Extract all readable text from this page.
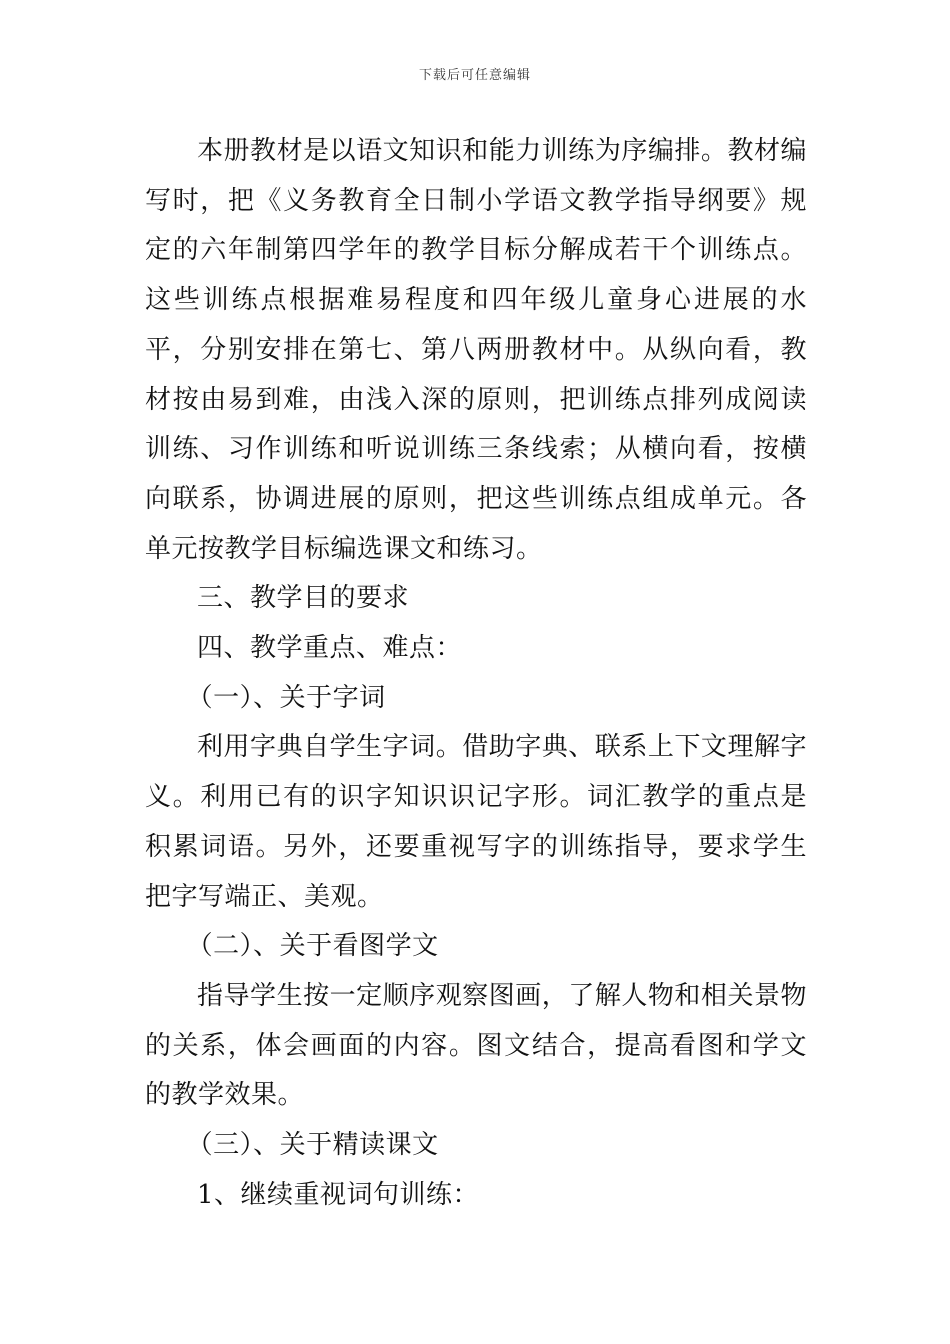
下载后可任意编辑

本册教材是以语文知识和能力训练为序编排。教材编写时，把《义务教育全日制小学语文教学指导纲要》规定的六年制第四学年的教学目标分解成若干个训练点。这些训练点根据难易程度和四年级儿童身心进展的水平，分别安排在第七、第八两册教材中。从纵向看，教材按由易到难，由浅入深的原则，把训练点排列成阅读训练、习作训练和听说训练三条线索；从横向看，按横向联系，协调进展的原则，把这些训练点组成单元。各单元按教学目标编选课文和练习。

三、教学目的要求

四、教学重点、难点：

（一）、关于字词

利用字典自学生字词。借助字典、联系上下文理解字义。利用已有的识字知识识记字形。词汇教学的重点是积累词语。另外，还要重视写字的训练指导，要求学生把字写端正、美观。

（二）、关于看图学文

指导学生按一定顺序观察图画，了解人物和相关景物的关系，体会画面的内容。图文结合，提高看图和学文的教学效果。

（三）、关于精读课文

1、继续重视词句训练：
